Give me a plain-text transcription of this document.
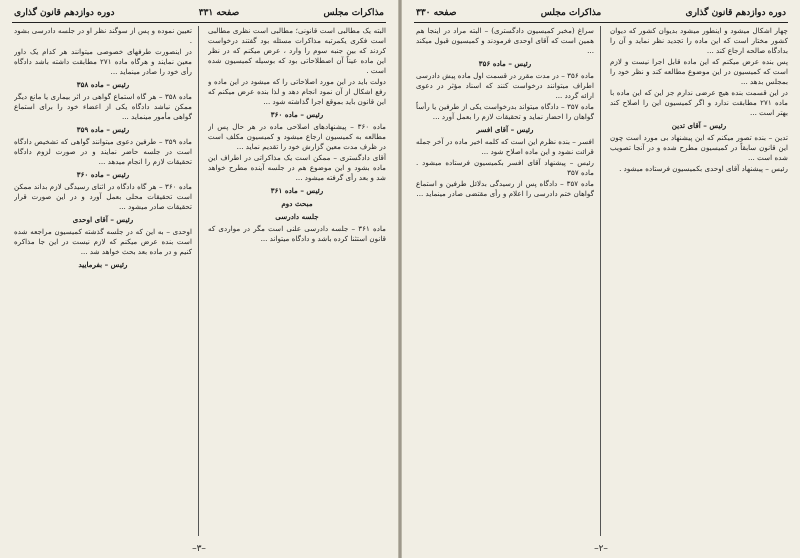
مذاکرات مجلس
صفحه ۳۳۱
دوره دوازدهم قانون گذاری

البته یک مطالبی است قانونی؛ مطالبی است نظری مطالبی است فکری یکمرتبه مذاکرات مسئله بود گفتند درخواست کردند که بین جنبه سوم را وارد ، عرض میکنم که در نظر این ماده عیناً آن اصطلاحاتی بود که بوسیله کمیسیون شده است .

دولت باید در این مورد اصلاحاتی را که میشود در این ماده و رفع اشکال از آن نمود انجام دهد و لذا بنده عرض میکنم که این قانون باید بموقع اجرا گذاشته شود ...

رئیس – ماده ۳۶۰

ماده ۳۶۰ – پیشنهادهای اصلاحی ماده در هر حال پس از مطالعه به کمیسیون ارجاع میشود و کمیسیون مکلف است در ظرف مدت معین گزارش خود را تقدیم نماید ...

آقای دادگستری – ممکن است یک مذاکراتی در اطراف این ماده بشود و این موضوع هم در جلسه آینده مطرح خواهد شد و بعد رأی گرفته میشود ...

رئیس – ماده ۳۶۱

مبحث دوم

جلسه دادرسی

ماده ۳۶۱ – جلسه دادرسی علنی است مگر در مواردی که قانون استثنا کرده باشد و دادگاه میتواند ...

تعیین نموده و پس از سوگند نظر او در جلسه دادرسی بشود .

در اینصورت طرفهای خصوصی میتوانند هر کدام یک داور معین نمایند و هرگاه ماده ۲۷۱ مطابقت داشته باشد دادگاه رأی خود را صادر مینماید ...

رئیس – ماده ۳۵۸

ماده ۳۵۸ – هر گاه استماع گواهی در اثر بیماری یا مانع دیگر ممکن نباشد دادگاه یکی از اعضاء خود را برای استماع گواهی مأمور مینماید ...

رئیس – ماده ۳۵۹

ماده ۳۵۹ – طرفین دعوی میتوانند گواهی که تشخیص دادگاه است در جلسه حاضر نمایند و در صورت لزوم دادگاه تحقیقات لازم را انجام میدهد ...

رئیس – ماده ۳۶۰

ماده ۳۶۰ – هر گاه دادگاه در اثنای رسیدگی لازم بداند ممکن است تحقیقات محلی بعمل آورد و در این صورت قرار تحقیقات صادر میشود ...

رئیس – آقای اوحدی

اوحدی – به این که در جلسه گذشته کمیسیون مراجعه شده است بنده عرض میکنم که لازم نیست در این جا مذاکره کنیم و در ماده بعد بحث خواهد شد ...

رئیس – بفرمایید

–۳–
دوره دوازدهم قانون گذاری
مذاکرات مجلس
صفحه ۳۳۰

چهار اشکال میشود و اینطور میشود بدیوان کشور که دیوان کشور مختار است که این ماده را تجدید نظر نماید و آن را بدادگاه صالحه ارجاع کند ...

پس بنده عرض میکنم که این ماده قابل اجرا نیست و لازم است که کمیسیون در این موضوع مطالعه کند و نظر خود را بمجلس بدهد ...

در این قسمت بنده هیچ عرضی ندارم جز این که این ماده با ماده ۲۷۱ مطابقت ندارد و اگر کمیسیون این را اصلاح کند بهتر است ...

رئیس – آقای تدین

تدین – بنده تصور میکنم که این پیشنهاد بی مورد است چون این قانون سابقاً در کمیسیون مطرح شده و در آنجا تصویب شده است ...

رئیس – پیشنهاد آقای اوحدی بکمیسیون فرستاده میشود .

سراغ (مخبر کمیسیون دادگستری) – البته مراد در اینجا هم همین است که آقای اوحدی فرمودند و کمیسیون قبول میکند ...

رئیس – ماده ۳۵۶

ماده ۳۵۶ – در مدت مقرر در قسمت اول ماده پیش دادرسی اطراف میتوانند درخواست کنند که اسناد مؤثر در دعوی ارائه گردد ...

ماده ۳۵۷ – دادگاه میتواند بدرخواست یکی از طرفین یا رأساً گواهان را احضار نماید و تحقیقات لازم را بعمل آورد ...

رئیس – آقای افسر

افسر – بنده نظرم این است که کلمه اخیر ماده در آخر جمله قرائت نشود و این ماده اصلاح شود ...

رئیس – پیشنهاد آقای افسر بکمیسیون فرستاده میشود . ماده ۳۵۷

ماده ۳۵۷ – دادگاه پس از رسیدگی بدلائل طرفین و استماع گواهان ختم دادرسی را اعلام و رأی مقتضی صادر مینماید ...

–۲–
